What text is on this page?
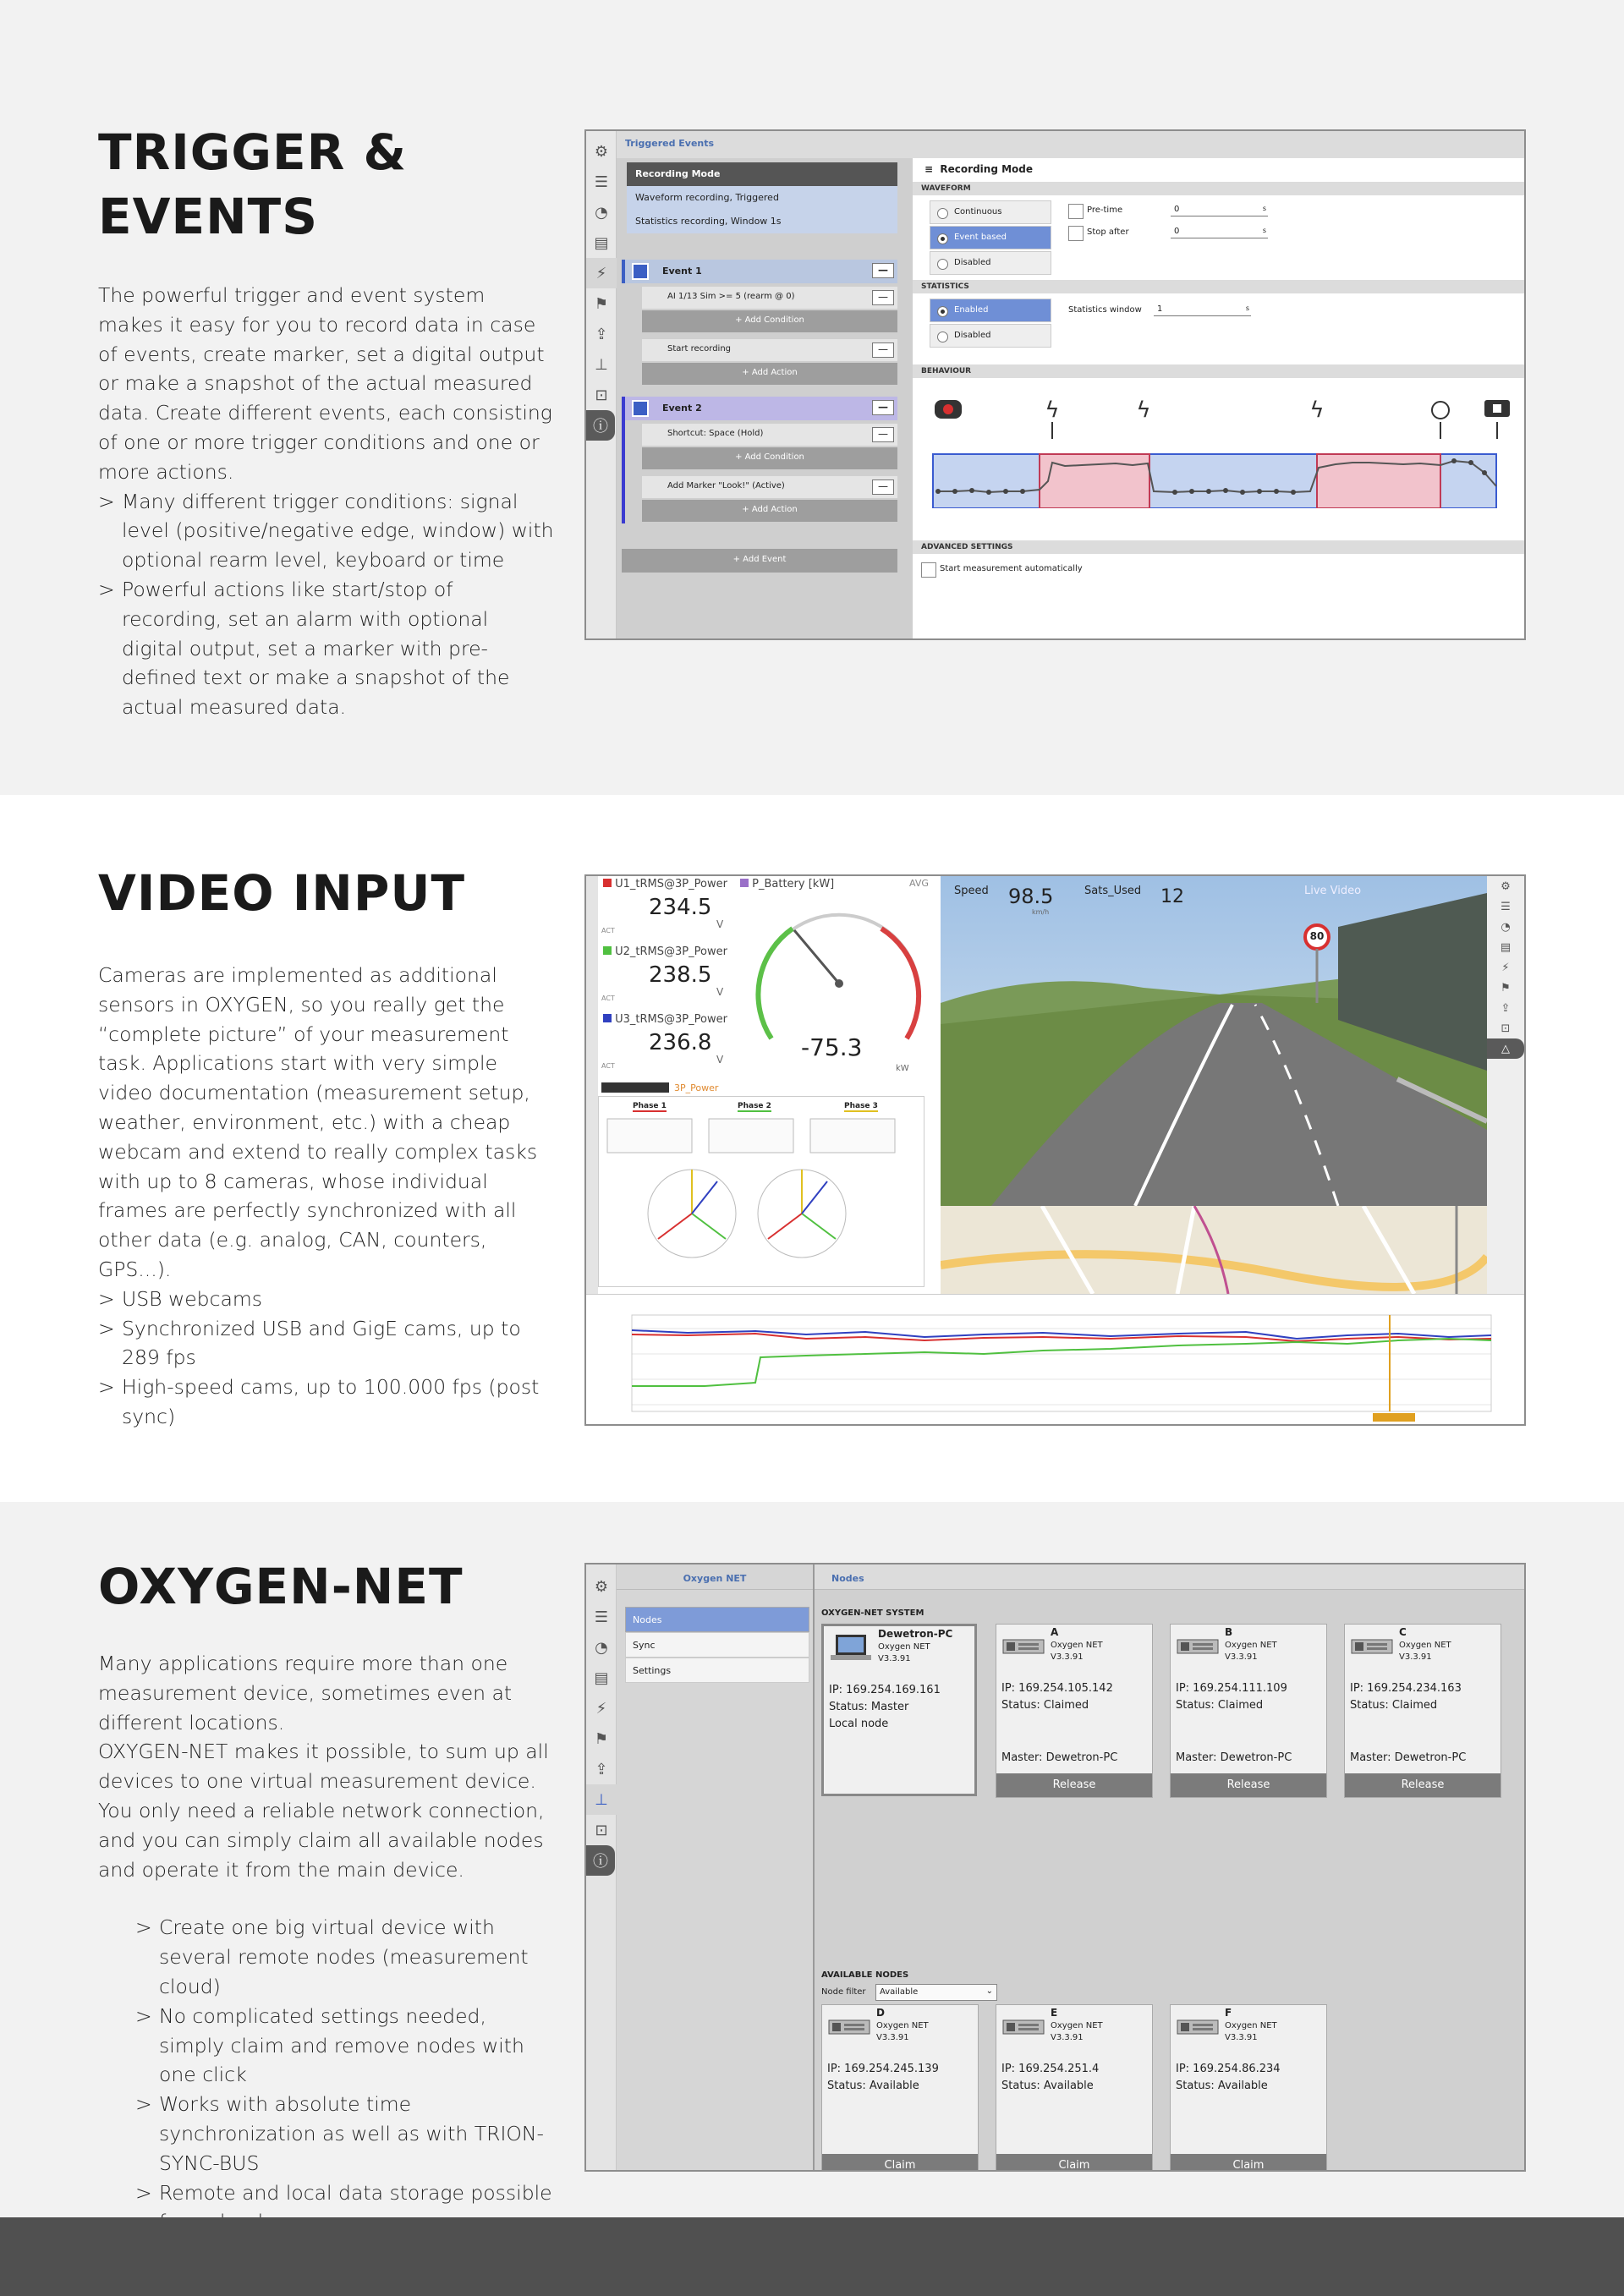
TRIGGER &
EVENTS

The powerful trigger and event system makes it easy for you to record data in case of events, create marker, set a digital output or make a snapshot of the actual measured data. Create different events, each consisting of one or more trigger conditions and one or more actions.

> Many different trigger conditions: signal level (positive/negative edge, window) with optional rearm level, keyboard or time
> Powerful actions like start/stop of recording, set an alarm with optional digital output, set a marker with pre-defined text or make a snapshot of the actual measured data.
⚙
☰
◔
▤
⚡
⚑
⇪
⊥
⊡
ⓘ
Triggered Events
Recording Mode
Waveform recording, Triggered
Statistics recording, Window 1s
Event 1	—
AI 1/13 Sim >= 5 (rearm @ 0)	—
+ Add Condition
Start recording	—
+ Add Action
Event 2	—
Shortcut: Space (Hold)	—
+ Add Condition
Add Marker "Look!" (Active)	—
+ Add Action
+ Add Event
≡ Recording Mode
WAVEFORM
Continuous
Event based
Disabled
Pre-time
Stop after
0	s
0	s
STATISTICS
Enabled
Disabled
Statistics window	1	s
BEHAVIOUR
ϟ	ϟ	ϟ
ADVANCED SETTINGS
Start measurement automatically
VIDEO INPUT

Cameras are implemented as additional sensors in OXYGEN, so you really get the “complete picture” of your measurement task. Applications start with very simple video documentation (measurement setup, weather, environment, etc.) with a cheap webcam and extend to really complex tasks with up to 8 cameras, whose individual frames are perfectly synchronized with all other data (e.g. analog, CAN, counters, GPS...).

> USB webcams
> Synchronized USB and GigE cams, up to 289 fps
> High-speed cams, up to 100.000 fps (post sync)
U1_tRMS@3P_Power
234.5
V
ACT
U2_tRMS@3P_Power
238.5
V
ACT
U3_tRMS@3P_Power
236.8
V
ACT
P_Battery [kW]	AVG
-75.3
kW
3P_Power
Phase 1	Phase 2	Phase 3
80
Speed 98.5
km/h
Sats_Used 12	Live Video	⚙
☰
◔
▤
⚡
⚑
⇪
⊡
△
OXYGEN-NET

Many applications require more than one measurement device, sometimes even at different locations.

OXYGEN-NET makes it possible, to sum up all devices to one virtual measurement device. You only need a reliable network connection, and you can simply claim all available nodes and operate it from the main device.

> Create one big virtual device with several remote nodes (measurement cloud)
> No complicated settings needed, simply claim and remove nodes with one click
> Works with absolute time synchronization as well as with TRION-SYNC-BUS
> Remote and local data storage possible
⚙
☰
◔
▤
⚡
⚑
⇪
⊥
⊡
ⓘ
Oxygen NET
Nodes
Sync
Settings
Nodes
OXYGEN-NET SYSTEM
Dewetron-PC
Oxygen NET
V3.3.91
IP: 169.254.169.161
Status: Master
Local node
A
Oxygen NET
V3.3.91
IP: 169.254.105.142
Status: Claimed
Master: Dewetron-PC
Release
B
Oxygen NET
V3.3.91
IP: 169.254.111.109
Status: Claimed
Master: Dewetron-PC
Release
C
Oxygen NET
V3.3.91
IP: 169.254.234.163
Status: Claimed
Master: Dewetron-PC
Release
AVAILABLE NODES
Node filter	Available	⌄
D
Oxygen NET
V3.3.91
IP: 169.254.245.139
Status: Available
Claim
E
Oxygen NET
V3.3.91
IP: 169.254.251.4
Status: Available
Claim
F
Oxygen NET
V3.3.91
IP: 169.254.86.234
Status: Available
Claim
